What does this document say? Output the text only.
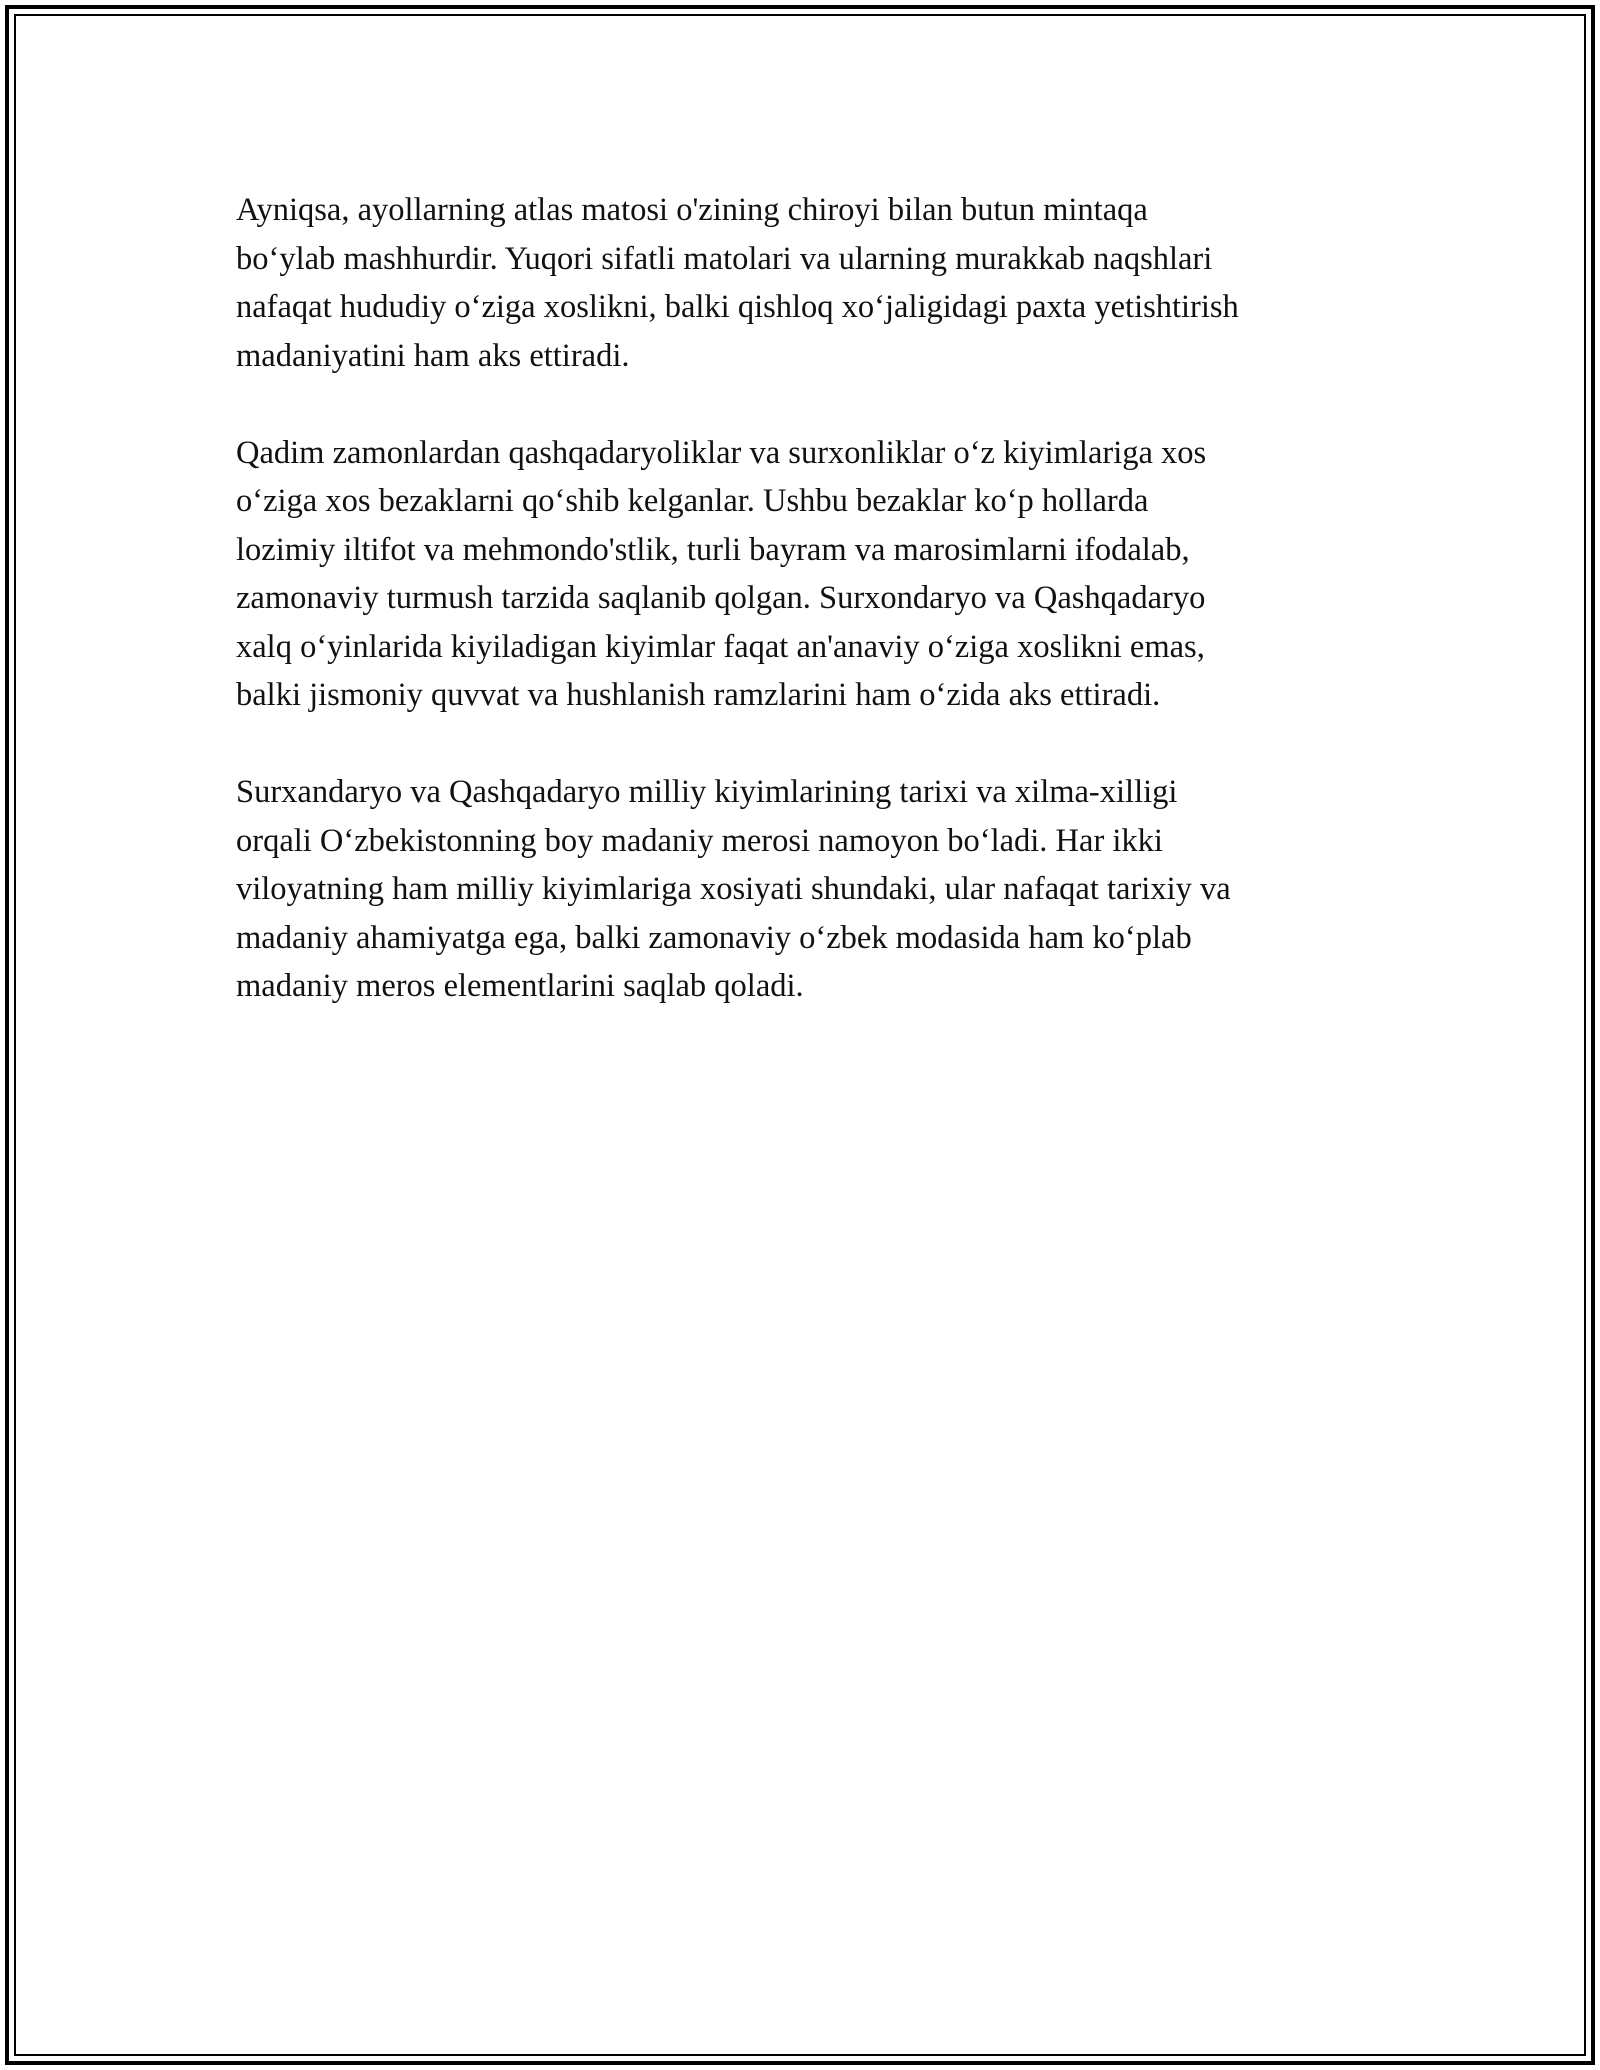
Ayniqsa, ayollarning atlas matosi o'zining chiroyi bilan butun mintaqa
bo‘ylab mashhurdir. Yuqori sifatli matolari va ularning murakkab naqshlari
nafaqat hududiy o‘ziga xoslikni, balki qishloq xo‘jaligidagi paxta yetishtirish
madaniyatini ham aks ettiradi.

Qadim zamonlardan qashqadaryoliklar va surxonliklar o‘z kiyimlariga xos
o‘ziga xos bezaklarni qo‘shib kelganlar. Ushbu bezaklar ko‘p hollarda
lozimiy iltifot va mehmondo'stlik, turli bayram va marosimlarni ifodalab,
zamonaviy turmush tarzida saqlanib qolgan. Surxondaryo va Qashqadaryo
xalq o‘yinlarida kiyiladigan kiyimlar faqat an'anaviy o‘ziga xoslikni emas,
balki jismoniy quvvat va hushlanish ramzlarini ham o‘zida aks ettiradi.

Surxandaryo va Qashqadaryo milliy kiyimlarining tarixi va xilma-xilligi
orqali O‘zbekistonning boy madaniy merosi namoyon bo‘ladi. Har ikki
viloyatning ham milliy kiyimlariga xosiyati shundaki, ular nafaqat tarixiy va
madaniy ahamiyatga ega, balki zamonaviy o‘zbek modasida ham ko‘plab
madaniy meros elementlarini saqlab qoladi.
